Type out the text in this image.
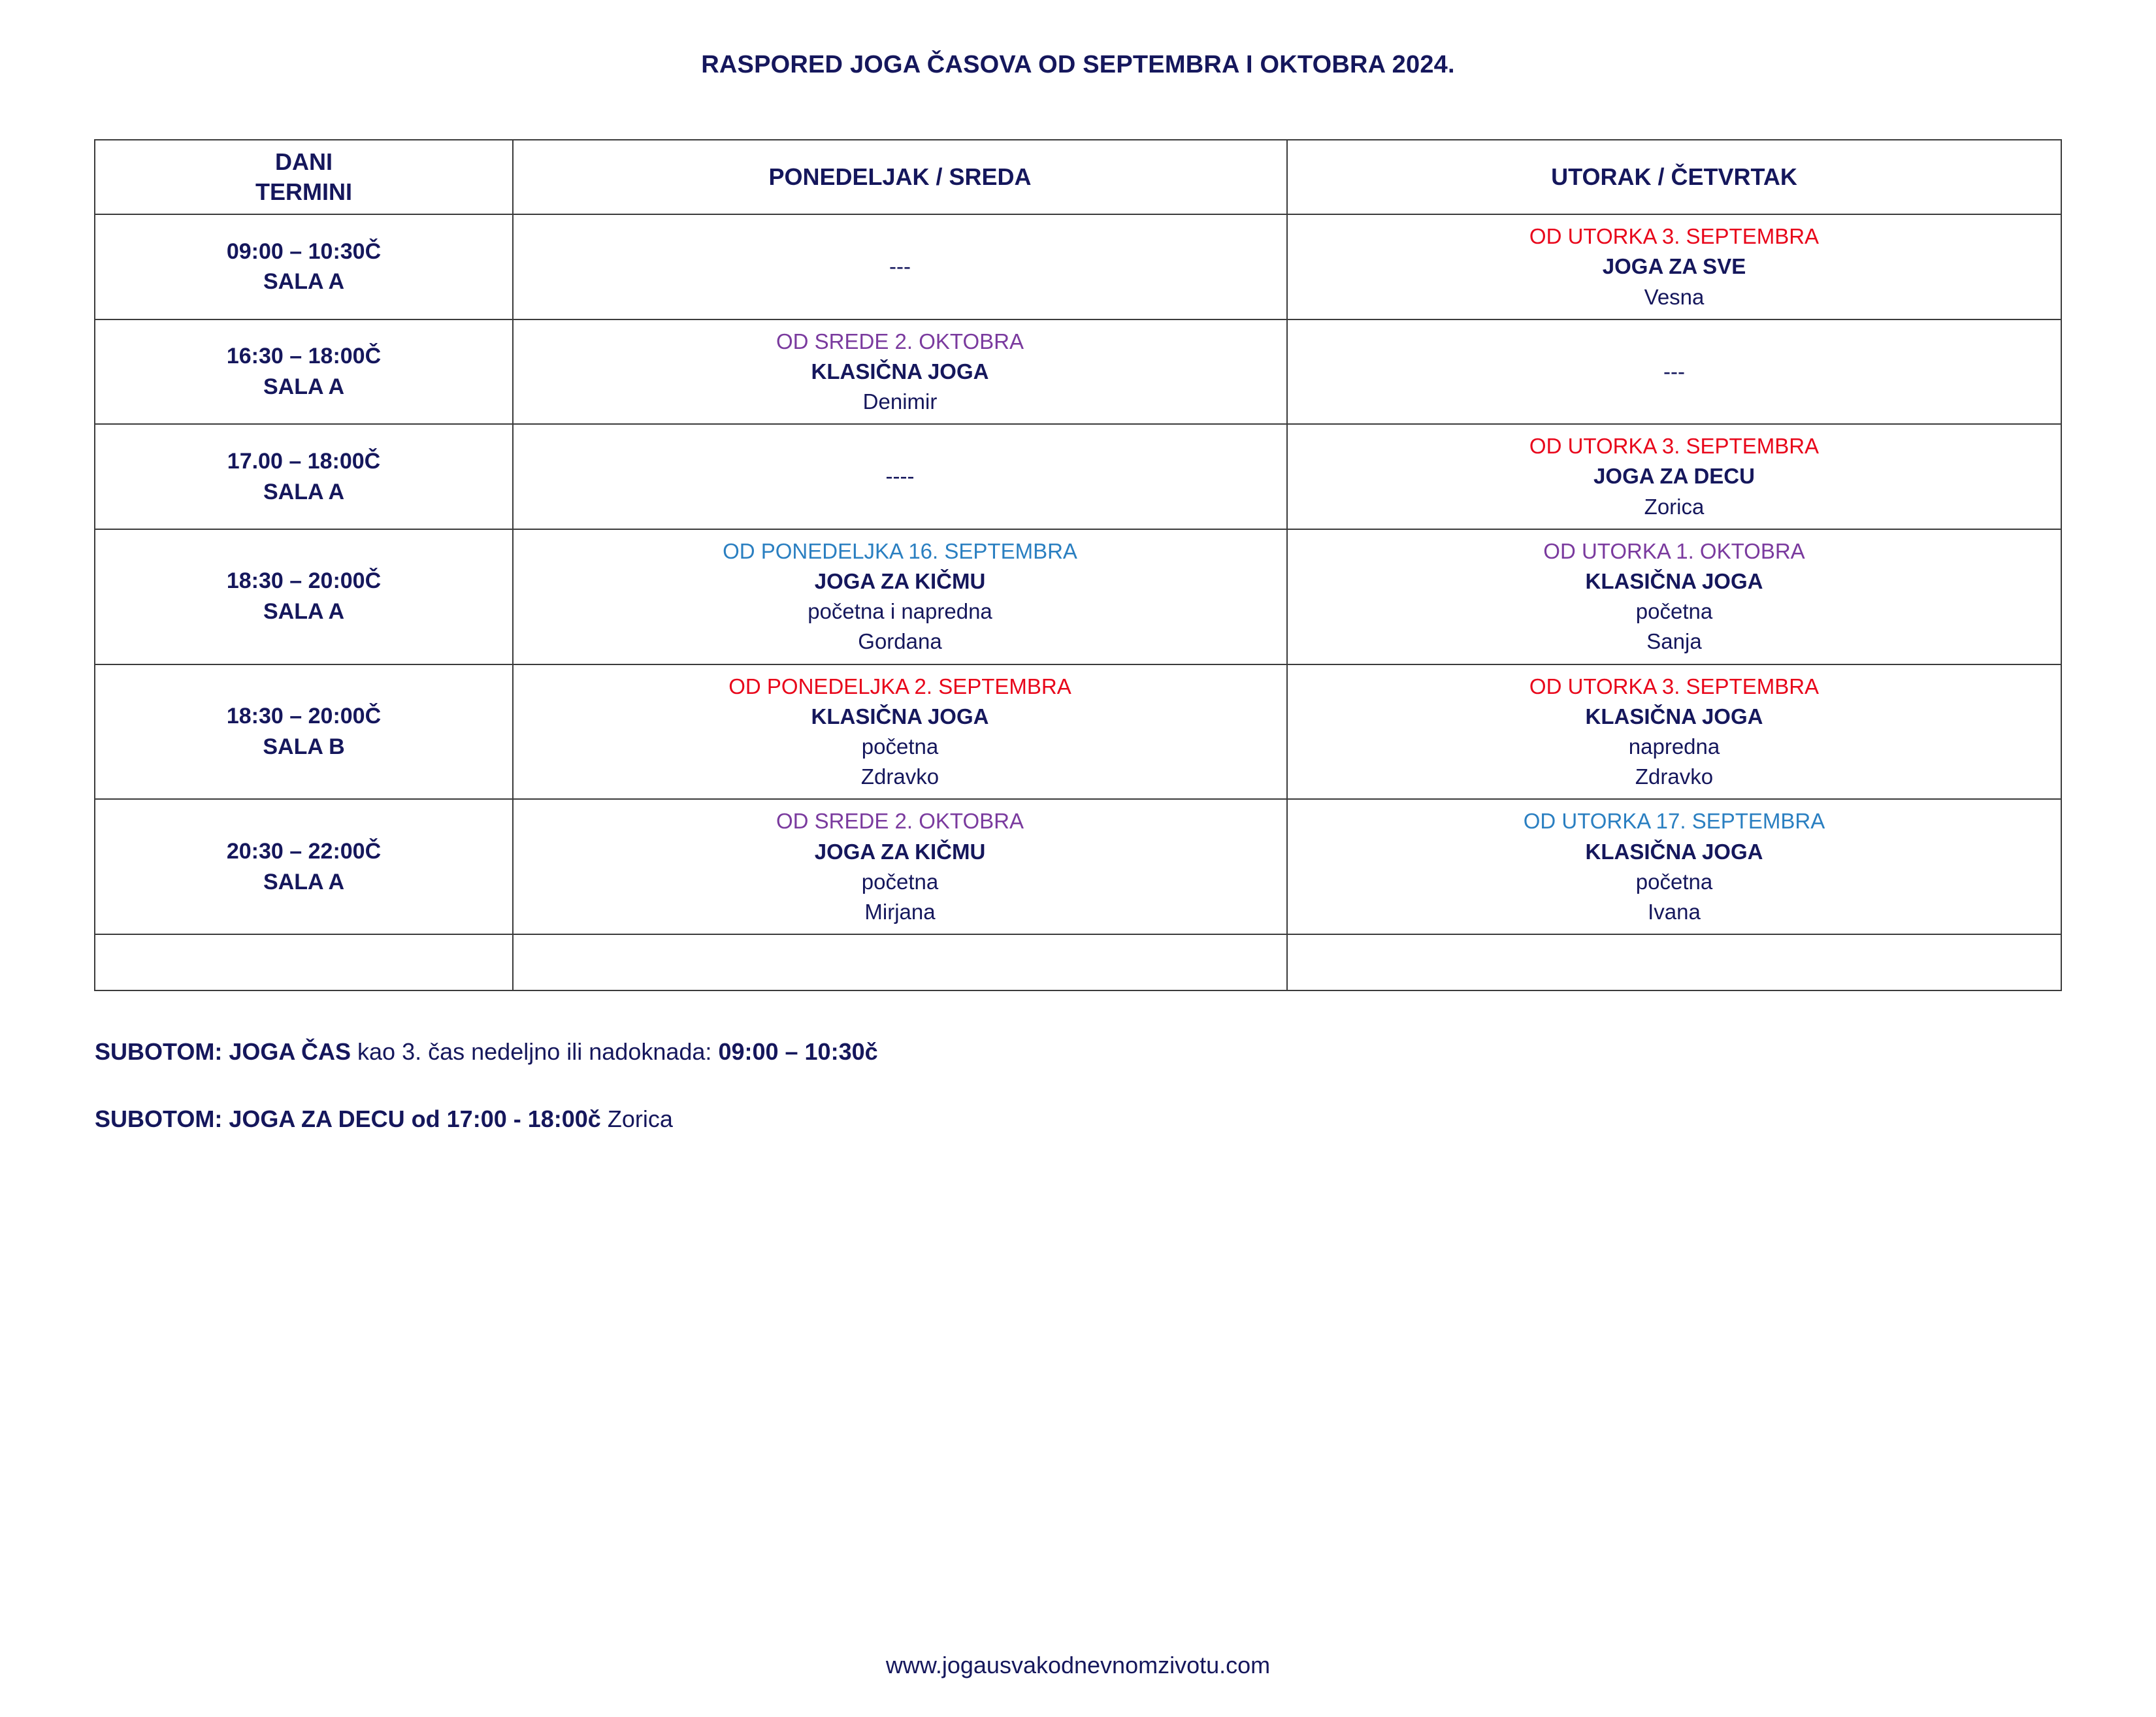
RASPORED JOGA ČASOVA OD SEPTEMBRA I OKTOBRA 2024.
DANI
TERMINI	PONEDELJAK / SREDA	UTORAK / ČETVRTAK

09:00 – 10:30Č
SALA A	---	OD UTORKA 3. SEPTEMBRA
JOGA ZA SVE
Vesna

16:30 – 18:00Č
SALA A	OD SREDE 2. OKTOBRA
KLASIČNA JOGA
Denimir	---

17.00 – 18:00Č
SALA A	----	OD UTORKA 3. SEPTEMBRA
JOGA ZA DECU
Zorica

18:30 – 20:00Č
SALA A	OD PONEDELJKA 16. SEPTEMBRA
JOGA ZA KIČMU
početna i napredna
Gordana	OD UTORKA 1. OKTOBRA
KLASIČNA JOGA
početna
Sanja

18:30 – 20:00Č
SALA B	OD PONEDELJKA 2. SEPTEMBRA
KLASIČNA JOGA
početna
Zdravko	OD UTORKA 3. SEPTEMBRA
KLASIČNA JOGA
napredna
Zdravko

20:30 – 22:00Č
SALA A	OD SREDE 2. OKTOBRA
JOGA ZA KIČMU
početna
Mirjana	OD UTORKA 17. SEPTEMBRA
KLASIČNA JOGA
početna
Ivana

SUBOTOM: JOGA ČAS kao 3. čas nedeljno ili nadoknada: 09:00 – 10:30č
SUBOTOM: JOGA ZA DECU od 17:00 - 18:00č Zorica
www.jogausvakodnevnomzivotu.com
